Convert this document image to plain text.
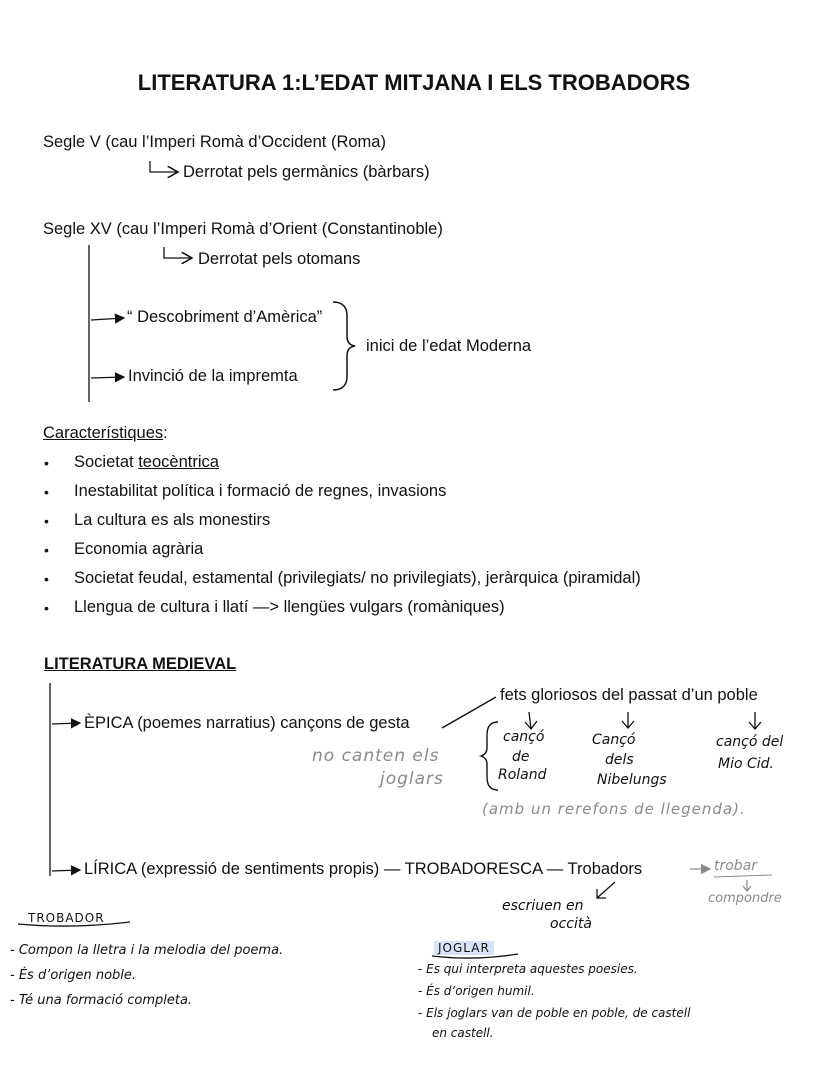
LITERATURA 1:L’EDAT MITJANA I ELS TROBADORS
Segle V (cau l’Imperi Romà d’Occident (Roma)
Derrotat pels germànics (bàrbars)
Segle XV (cau l’Imperi Romà d’Orient (Constantinoble)
Derrotat pels otomans
“ Descobriment d’Amèrica”
Invinció de la impremta
inici de l’edat Moderna
Característiques:
• Societat teocèntrica
• Inestabilitat política i formació de regnes, invasions
• La cultura es als monestirs
• Economia agrària
• Societat feudal, estamental (privilegiats/ no privilegiats), jeràrquica (piramidal)
• Llengua de cultura i llatí —> llengües vulgars (romàniques)
LITERATURA MEDIEVAL
fets gloriosos del passat d’un poble
ÈPICA (poemes narratius) cançons de gesta
no canten els
joglars
cançó
de
Roland
Cançó
dels
Nibelungs
cançó del
Mio Cid.
(amb un rerefons de llegenda).
LÍRICA (expressió de sentiments propis) — TROBADORESCA — Trobadors	trobar
compondre
escriuen en
occità
TROBADOR
- Compon la lletra i la melodia del poema.
- És d’origen noble.
- Té una formació completa.
JOGLAR
- Es qui interpreta aquestes poesies.
- És d’origen humil.
- Els joglars van de poble en poble, de castell
en castell.
